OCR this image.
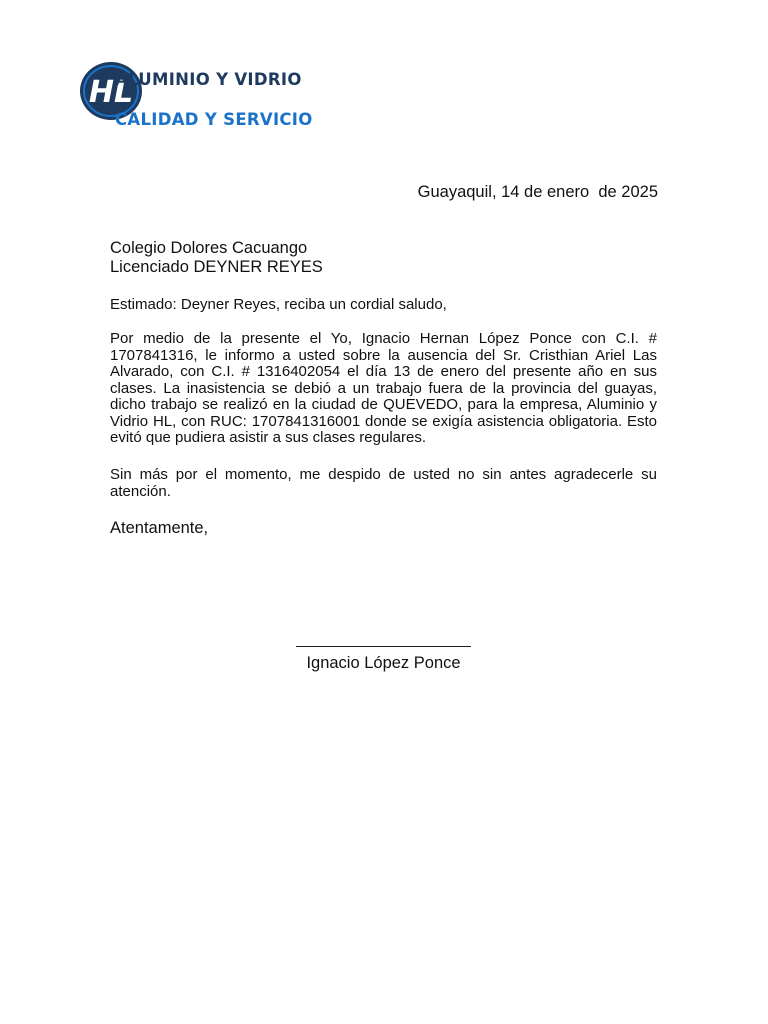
HL
ALUMINIO Y VIDRIO
CALIDAD Y SERVICIO
Guayaquil, 14 de enero  de 2025
Colegio Dolores Cacuango
Licenciado DEYNER REYES
Estimado: Deyner Reyes, reciba un cordial saludo,

Por medio de la presente el Yo, Ignacio Hernan López Ponce con C.I. # 1707841316, le informo a usted sobre la ausencia del Sr. Cristhian Ariel Las Alvarado, con C.I. # 1316402054 el día 13 de enero del presente año en sus clases. La inasistencia se debió a un trabajo fuera de la provincia del guayas, dicho trabajo se realizó en la ciudad de QUEVEDO, para la empresa, Aluminio y Vidrio HL, con RUC: 1707841316001 donde se exigía asistencia obligatoria. Esto evitó que pudiera asistir a sus clases regulares.

Sin más por el momento, me despido de usted no sin antes agradecerle su atención.

Atentamente,
Ignacio López Ponce
